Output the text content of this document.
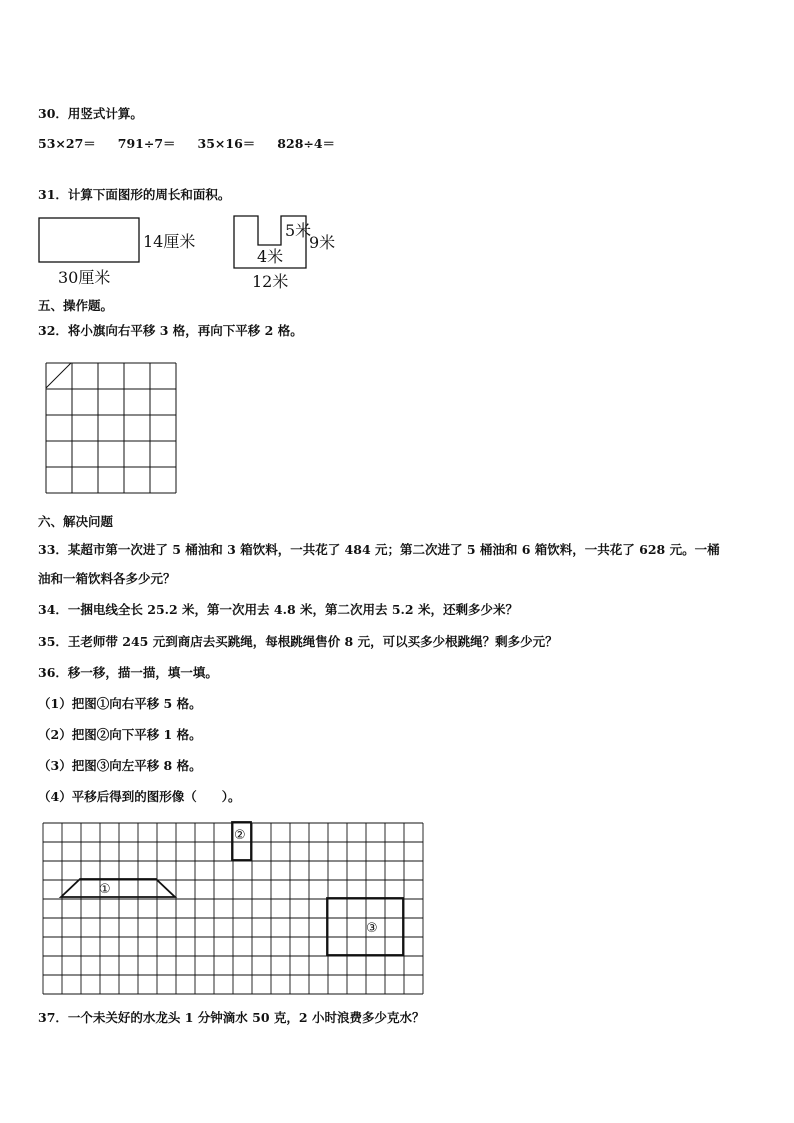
30．用竖式计算。
53×27＝ 791÷7＝ 35×16＝ 828÷4＝
31．计算下面图形的周长和面积。
14厘米
30厘米
5米
4米
9米
12米
五、操作题。
32．将小旗向右平移 3 格，再向下平移 2 格。
六、解决问题
33．某超市第一次进了 5 桶油和 3 箱饮料，一共花了 484 元；第二次进了 5 桶油和 6 箱饮料，一共花了 628 元。一桶
油和一箱饮料各多少元？
34．一捆电线全长 25.2 米，第一次用去 4.8 米，第二次用去 5.2 米，还剩多少米？
35．王老师带 245 元到商店去买跳绳，每根跳绳售价 8 元，可以买多少根跳绳？剩多少元？
36．移一移，描一描，填一填。
（1）把图①向右平移 5 格。
（2）把图②向下平移 1 格。
（3）把图③向左平移 8 格。
（4）平移后得到的图形像（　　）。
①
②
③
37．一个未关好的水龙头 1 分钟滴水 50 克，2 小时浪费多少克水？
